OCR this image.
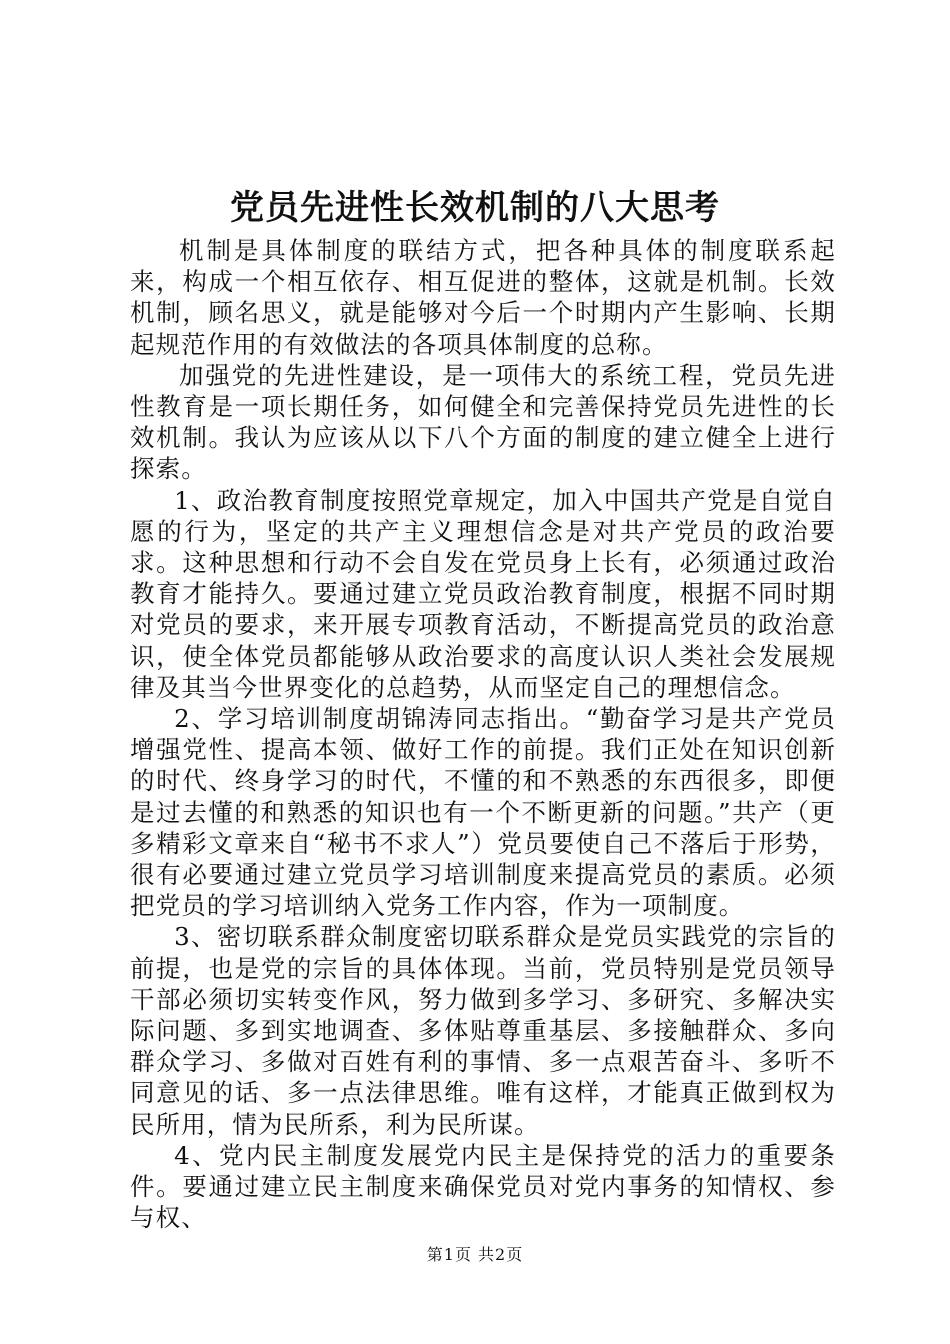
党员先进性长效机制的八大思考

机制是具体制度的联结方式，把各种具体的制度联系起来，构成一个相互依存、相互促进的整体，这就是机制。长效机制，顾名思义，就是能够对今后一个时期内产生影响、长期起规范作用的有效做法的各项具体制度的总称。

加强党的先进性建设，是一项伟大的系统工程，党员先进性教育是一项长期任务，如何健全和完善保持党员先进性的长效机制。我认为应该从以下八个方面的制度的建立健全上进行探索。

1、政治教育制度按照党章规定，加入中国共产党是自觉自愿的行为，坚定的共产主义理想信念是对共产党员的政治要求。这种思想和行动不会自发在党员身上长有，必须通过政治教育才能持久。要通过建立党员政治教育制度，根据不同时期对党员的要求，来开展专项教育活动，不断提高党员的政治意识，使全体党员都能够从政治要求的高度认识人类社会发展规律及其当今世界变化的总趋势，从而坚定自己的理想信念。

2、学习培训制度胡锦涛同志指出。“勤奋学习是共产党员增强党性、提高本领、做好工作的前提。我们正处在知识创新的时代、终身学习的时代，不懂的和不熟悉的东西很多，即便是过去懂的和熟悉的知识也有一个不断更新的问题。”共产（更多精彩文章来自“秘书不求人”）党员要使自己不落后于形势，很有必要通过建立党员学习培训制度来提高党员的素质。必须把党员的学习培训纳入党务工作内容，作为一项制度。

3、密切联系群众制度密切联系群众是党员实践党的宗旨的前提，也是党的宗旨的具体体现。当前，党员特别是党员领导干部必须切实转变作风，努力做到多学习、多研究、多解决实际问题、多到实地调查、多体贴尊重基层、多接触群众、多向群众学习、多做对百姓有利的事情、多一点艰苦奋斗、多听不同意见的话、多一点法律思维。唯有这样，才能真正做到权为民所用，情为民所系，利为民所谋。

4、党内民主制度发展党内民主是保持党的活力的重要条件。要通过建立民主制度来确保党员对党内事务的知情权、参与权、

第1页 共2页
